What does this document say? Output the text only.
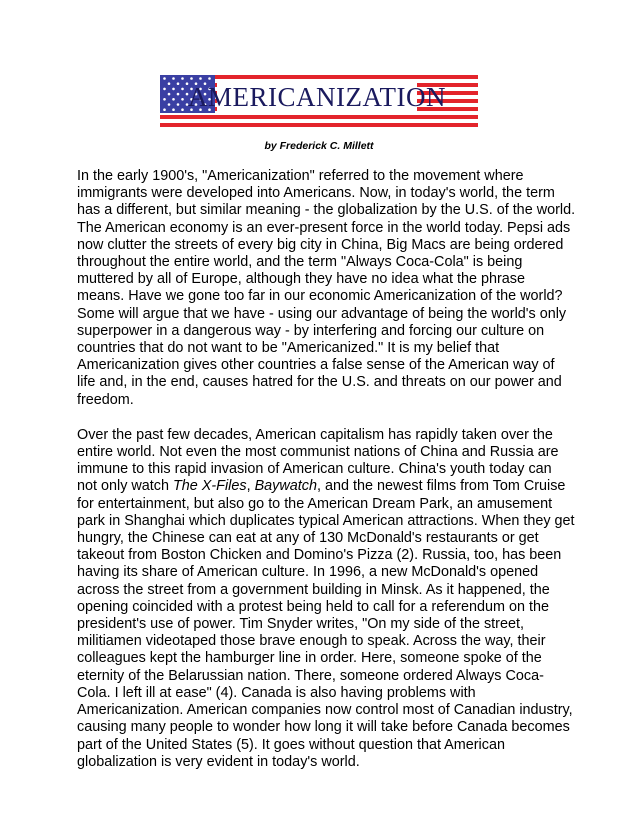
AMERICANIZATION
by Frederick C. Millett
In the early 1900's, "Americanization" referred to the movement where
immigrants were developed into Americans. Now, in today's world, the term
has a different, but similar meaning - the globalization by the U.S. of the world.
The American economy is an ever-present force in the world today. Pepsi ads
now clutter the streets of every big city in China, Big Macs are being ordered
throughout the entire world, and the term "Always Coca-Cola" is being
muttered by all of Europe, although they have no idea what the phrase
means. Have we gone too far in our economic Americanization of the world?
Some will argue that we have - using our advantage of being the world's only
superpower in a dangerous way - by interfering and forcing our culture on
countries that do not want to be "Americanized." It is my belief that
Americanization gives other countries a false sense of the American way of
life and, in the end, causes hatred for the U.S. and threats on our power and
freedom.
Over the past few decades, American capitalism has rapidly taken over the
entire world. Not even the most communist nations of China and Russia are
immune to this rapid invasion of American culture. China's youth today can
not only watch The X-Files, Baywatch, and the newest films from Tom Cruise
for entertainment, but also go to the American Dream Park, an amusement
park in Shanghai which duplicates typical American attractions. When they get
hungry, the Chinese can eat at any of 130 McDonald's restaurants or get
takeout from Boston Chicken and Domino's Pizza (2). Russia, too, has been
having its share of American culture. In 1996, a new McDonald's opened
across the street from a government building in Minsk. As it happened, the
opening coincided with a protest being held to call for a referendum on the
president's use of power. Tim Snyder writes, "On my side of the street,
militiamen videotaped those brave enough to speak. Across the way, their
colleagues kept the hamburger line in order. Here, someone spoke of the
eternity of the Belarussian nation. There, someone ordered Always Coca-
Cola. I left ill at ease" (4). Canada is also having problems with
Americanization. American companies now control most of Canadian industry,
causing many people to wonder how long it will take before Canada becomes
part of the United States (5). It goes without question that American
globalization is very evident in today's world.
